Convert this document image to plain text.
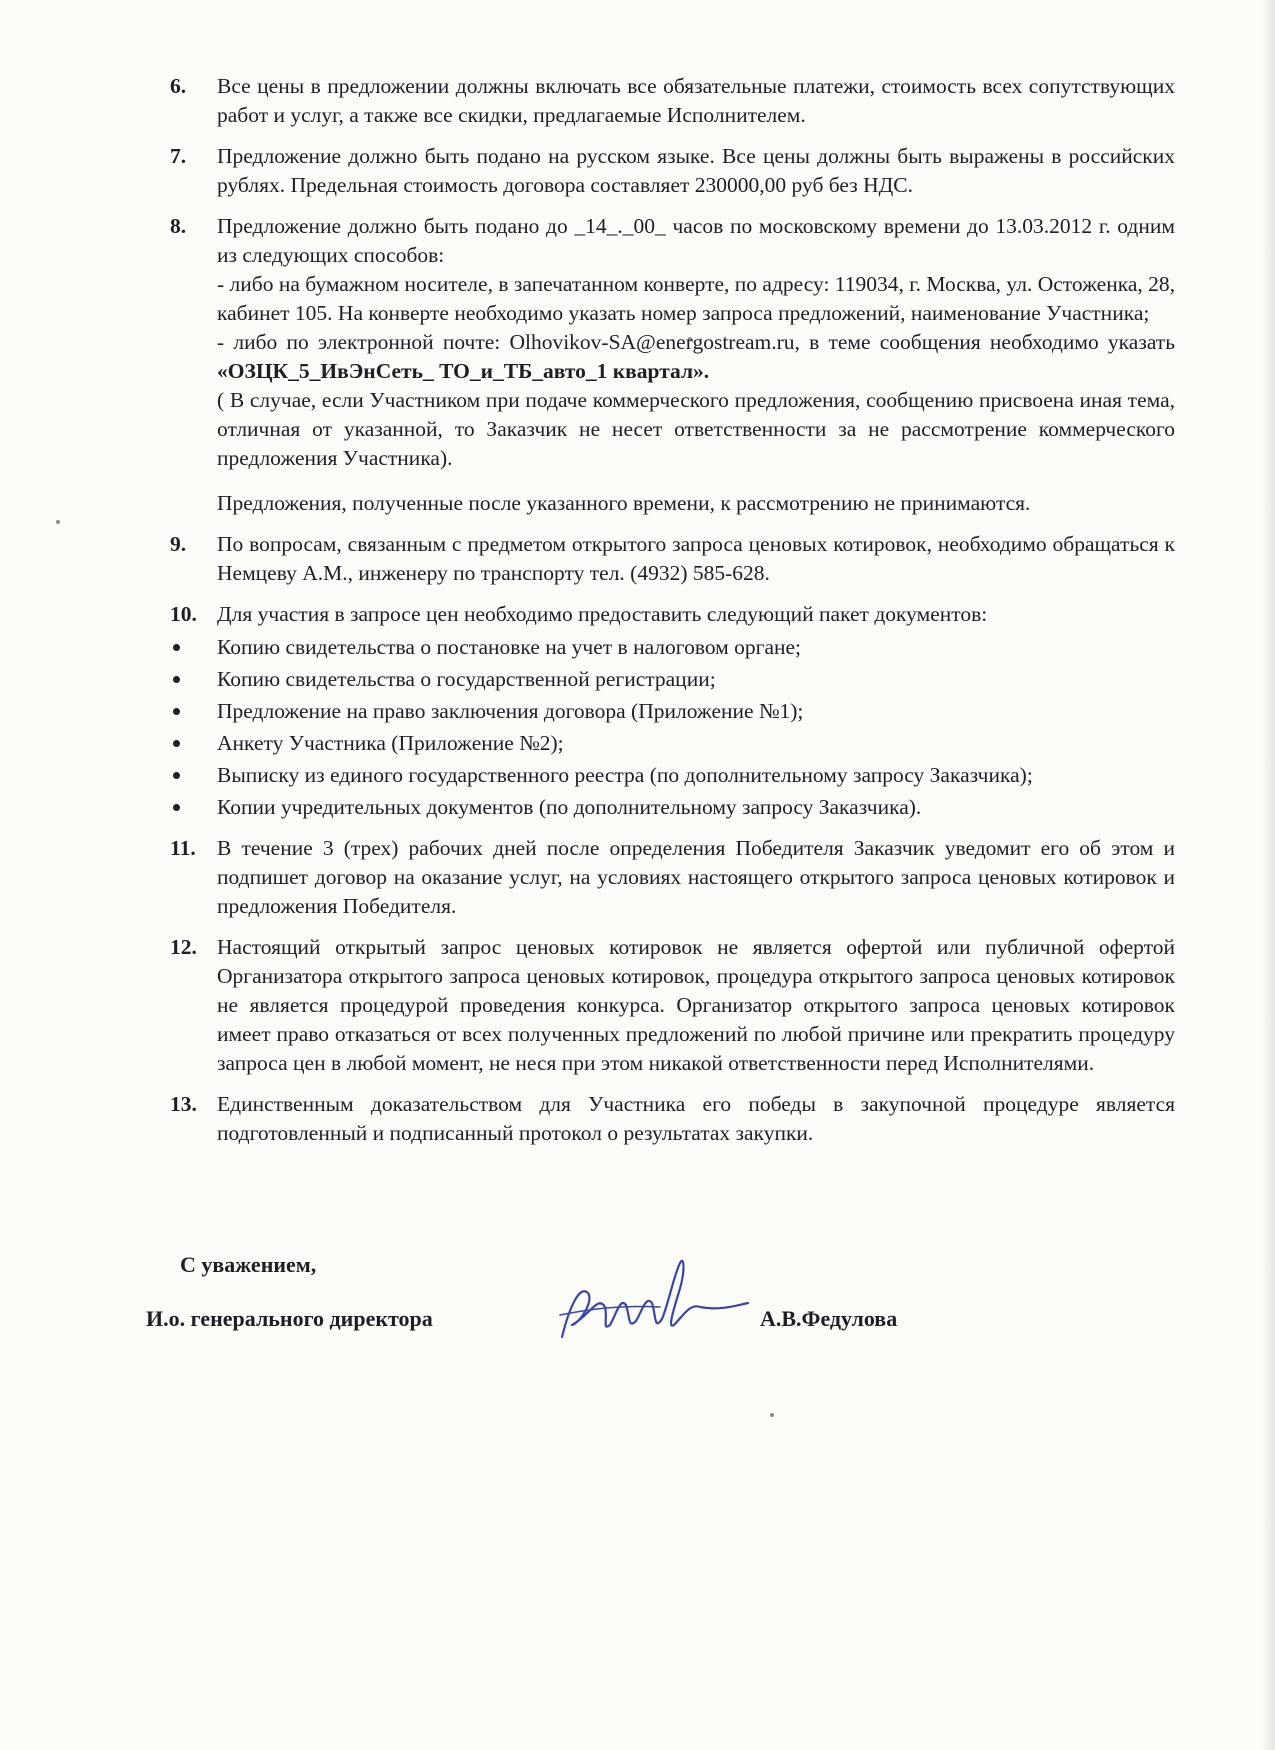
6. Все цены в предложении должны включать все обязательные платежи, стоимость всех сопутствующих работ и услуг, а также все скидки, предлагаемые Исполнителем.

7. Предложение должно быть подано на русском языке. Все цены должны быть выражены в российских рублях. Предельная стоимость договора составляет 230000,00 руб без НДС.

8. Предложение должно быть подано до _14_._00_ часов по московскому времени до 13.03.2012 г. одним из следующих способов:

- либо на бумажном носителе, в запечатанном конверте, по адресу: 119034, г. Москва, ул. Остоженка, 28, кабинет 105. На конверте необходимо указать номер запроса предложений, наименование Участника;

- либо по электронной почте: Olhovikov-SA@energostream.ru, в теме сообщения необходимо указать «ОЗЦК_5_ИвЭнСеть_ ТО_и_ТБ_авто_1 квартал».

( В случае, если Участником при подаче коммерческого предложения, сообщению присвоена иная тема, отличная от указанной, то Заказчик не несет ответственности за не рассмотрение коммерческого предложения Участника).

Предложения, полученные после указанного времени, к рассмотрению не принимаются.

9. По вопросам, связанным с предметом открытого запроса ценовых котировок, необходимо обращаться к Немцеву А.М., инженеру по транспорту тел. (4932) 585-628.

10. Для участия в запросе цен необходимо предоставить следующий пакет документов:

Копию свидетельства о постановке на учет в налоговом органе;
Копию свидетельства о государственной регистрации;
Предложение на право заключения договора (Приложение №1);
Анкету Участника (Приложение №2);
Выписку из единого государственного реестра (по дополнительному запросу Заказчика);
Копии учредительных документов (по дополнительному запросу Заказчика).
11. В течение 3 (трех) рабочих дней после определения Победителя Заказчик уведомит его об этом и подпишет договор на оказание услуг, на условиях настоящего открытого запроса ценовых котировок и предложения Победителя.

12. Настоящий открытый запрос ценовых котировок не является офертой или публичной офертой Организатора открытого запроса ценовых котировок, процедура открытого запроса ценовых котировок не является процедурой проведения конкурса. Организатор открытого запроса ценовых котировок имеет право отказаться от всех полученных предложений по любой причине или прекратить процедуру запроса цен в любой момент, не неся при этом никакой ответственности перед Исполнителями.

13. Единственным доказательством для Участника его победы в закупочной процедуре является подготовленный и подписанный протокол о результатах закупки.

С уважением,
И.о. генерального директора	А.В.Федулова
